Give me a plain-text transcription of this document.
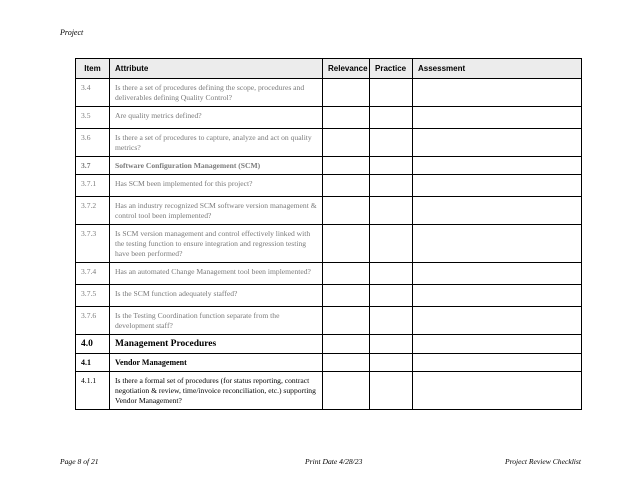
Project
Item	Attribute	Relevance	Practice	Assessment
3.4	Is there a set of procedures defining the scope, procedures and deliverables defining Quality Control?			
3.5	Are quality metrics defined?			
3.6	Is there a set of procedures to capture, analyze and act on quality metrics?			
3.7	Software Configuration Management (SCM)			
3.7.1	Has SCM been implemented for this project?			
3.7.2	Has an industry recognized SCM software version management & control tool been implemented?			
3.7.3	Is SCM version management and control effectively linked with the testing function to ensure integration and regression testing have been performed?			
3.7.4	Has an automated Change Management tool been implemented?			
3.7.5	Is the SCM function adequately staffed?			
3.7.6	Is the Testing Coordination function separate from the development staff?			
4.0	Management Procedures			
4.1	Vendor Management			
4.1.1	Is there a formal set of procedures (for status reporting, contract negotiation & review, time/invoice reconciliation, etc.) supporting Vendor Management?			
Page 8 of 21	Print Date 4/28/23	Project Review Checklist
